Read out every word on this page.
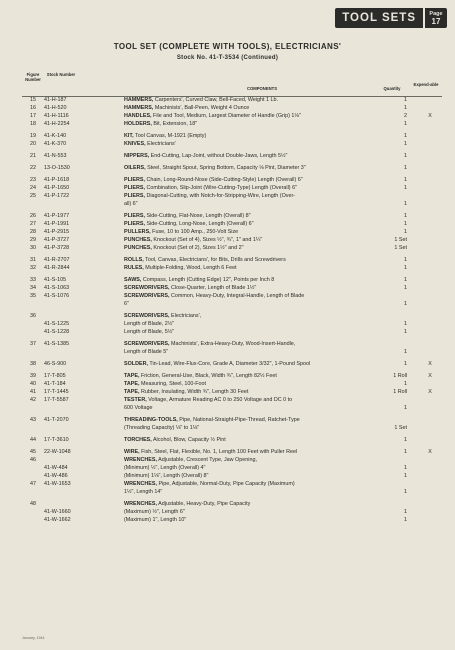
TOOL SETS	Page
17
TOOL SET (COMPLETE WITH TOOLS), ELECTRICIANS'
Stock No. 41-T-3534 (Continued)
Figure Number
Stock Number
COMPONENTS	Quantity
Expend-able
15	41-H-187	HAMMERS, Carpenters', Curved Claw, Bell-Faced, Weight 1 Lb.	1
16	41-H-520	HAMMERS, Machinists', Ball-Peen, Weight 4 Ounce	1
17	41-H-1116	HANDLES, File and Tool, Medium, Largest Diameter of Handle (Grip) 1⅛"	2	X
18	41-H-2254	HOLDERS, Bit, Extension, 18"	1
19	41-K-140	KIT, Tool Canvas, M-1921 (Empty)	1
20	41-K-370	KNIVES, Electricians'	1
21	41-N-553	NIPPERS, End-Cutting, Lap-Joint, without Double-Jaws, Length 5½"	1
22	13-O-1530	OILERS, Steel, Straight Spout, Spring Bottom, Capacity ⅛ Pint, Diameter 3"	1
23	41-P-1618	PLIERS, Chain, Long-Round-Nose (Side-Cutting-Style) Length (Overall) 6"	1
24	41-P-1650	PLIERS, Combination, Slip-Joint (Wire-Cutting-Type) Length (Overall) 6"	1
25	41-P-1722	PLIERS, Diagonal-Cutting, with Notch-for-Stripping-Wire, Length (Over-
all) 6"	1
26	41-P-1977	PLIERS, Side-Cutting, Flat-Nose, Length (Overall) 8"	1
27	41-P-1991	PLIERS, Side-Cutting, Long-Nose, Length (Overall) 6"	1
28	41-P-2915	PULLERS, Fuse, 10 to 100 Amp., 250-Volt Size	1
29	41-P-3727	PUNCHES, Knockout (Set of 4), Sizes ½", ¾", 1" and 1¼"	1 Set
30	41-P-3728	PUNCHES, Knockout (Set of 2), Sizes 1½" and 2"	1 Set
31	41-R-2707	ROLLS, Tool, Canvas, Electricians', for Bits, Drills and Screwdrivers	1
32	41-R-2844	RULES, Multiple-Folding, Wood, Length 6 Feet	1
33	41-S-105	SAWS, Compass, Length (Cutting Edge) 12", Points per Inch 8	1
34	41-S-1063	SCREWDRIVERS, Close-Quarter, Length of Blade 1½"	1
35	41-S-1076	SCREWDRIVERS, Common, Heavy-Duty, Integral-Handle, Length of Blade
6"	1
36	SCREWDRIVERS, Electricians',
41-S-1225	Length of Blade, 2½"	1
41-S-1228	Length of Blade, 5½"	1
37	41-S-1385	SCREWDRIVERS, Machinists', Extra-Heavy-Duty, Wood-Insert-Handle,
Length of Blade 5"	1
38	46-S-900	SOLDER, Tin-Lead, Wire-Flux-Core, Grade A, Diameter 3/32", 1-Pound Spool	1	X
39	17-T-805	TAPE, Friction, General-Use, Black, Width ¾", Length 82½ Feet	1 Roll	X
40	41-T-184	TAPE, Measuring, Steel, 100-Foot	1
41	17-T-1445	TAPE, Rubber, Insulating, Width ¾", Length 30 Feet	1 Roll	X
42	17-T-5587	TESTER, Voltage, Armature Reading AC 0 to 250 Voltage and DC 0 to
600 Voltage	1
43	41-T-2070	THREADING-TOOLS, Pipe, National-Straight-Pipe-Thread, Ratchet-Type
(Threading Capacity) ⅛" to 1⅛"	1 Set
44	17-T-3610	TORCHES, Alcohol, Blow, Capacity ½ Pint	1
45	22-W-1048	WIRE, Fish, Steel, Flat, Flexible, No. 1, Length 100 Feet with Puller Reel	1	X
46	WRENCHES, Adjustable, Crescent Type, Jaw Opening,
41-W-484	(Minimum) ½", Length (Overall) 4"	1
41-W-486	(Minimum) 1⅛", Length (Overall) 8"	1
47	41-W-1653	WRENCHES, Pipe, Adjustable, Normal-Duty, Pipe Capacity (Maximum)
1½", Length 14"	1
48	WRENCHES, Adjustable, Heavy-Duty, Pipe Capacity
41-W-1660	(Maximum) ½", Length 6"	1
41-W-1662	(Maximum) 1", Length 10"	1
January, 1944
